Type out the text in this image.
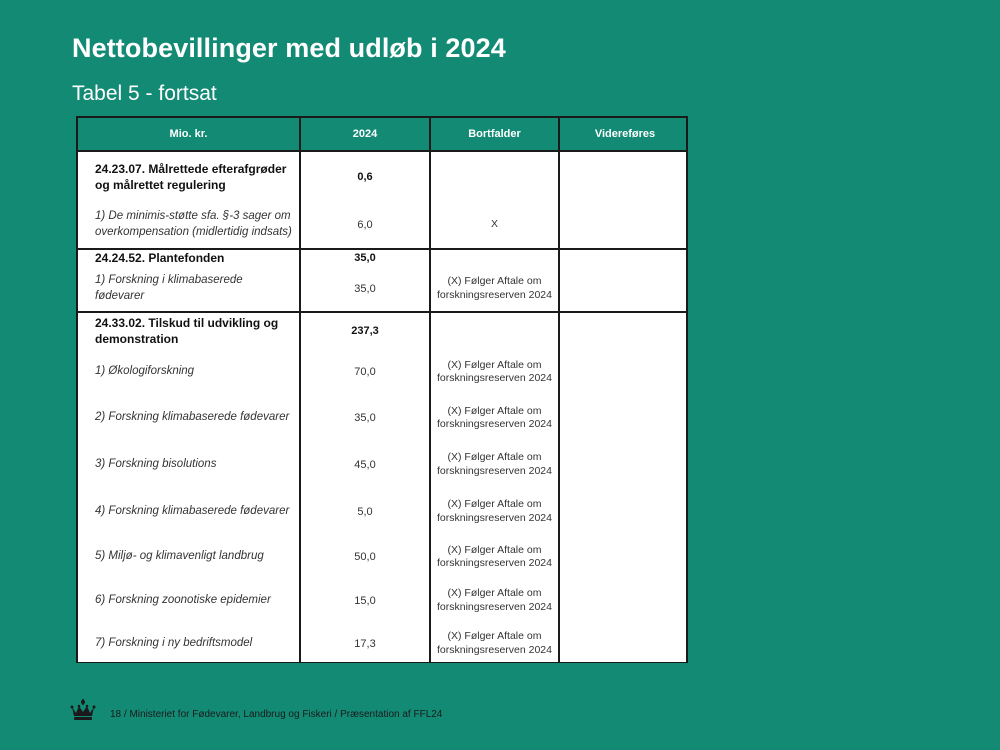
Nettobevillinger med udløb i 2024
Tabel 5 - fortsat
Mio. kr.	2024	Bortfalder	Videreføres
24.23.07. Målrettede efterafgrøder og målrettet regulering	0,6		
1) De minimis-støtte sfa. §-3 sager om overkompensation (midlertidig indsats)	6,0	X	
24.24.52. Plantefonden	35,0		
1) Forskning i klimabaserede fødevarer	35,0	(X) Følger Aftale om forskningsreserven 2024	
24.33.02. Tilskud til udvikling og demonstration	237,3		
1) Økologiforskning	70,0	(X) Følger Aftale om forskningsreserven 2024	
2) Forskning klimabaserede fødevarer	35,0	(X) Følger Aftale om forskningsreserven 2024	
3) Forskning bisolutions	45,0	(X) Følger Aftale om forskningsreserven 2024	
4) Forskning klimabaserede fødevarer	5,0	(X) Følger Aftale om forskningsreserven 2024	
5) Miljø- og klimavenligt landbrug	50,0	(X) Følger Aftale om forskningsreserven 2024	
6) Forskning zoonotiske epidemier	15,0	(X) Følger Aftale om forskningsreserven 2024	
7) Forskning i ny bedriftsmodel	17,3	(X) Følger Aftale om forskningsreserven 2024	

18 / Ministeriet for Fødevarer, Landbrug og Fiskeri / Præsentation af FFL24
